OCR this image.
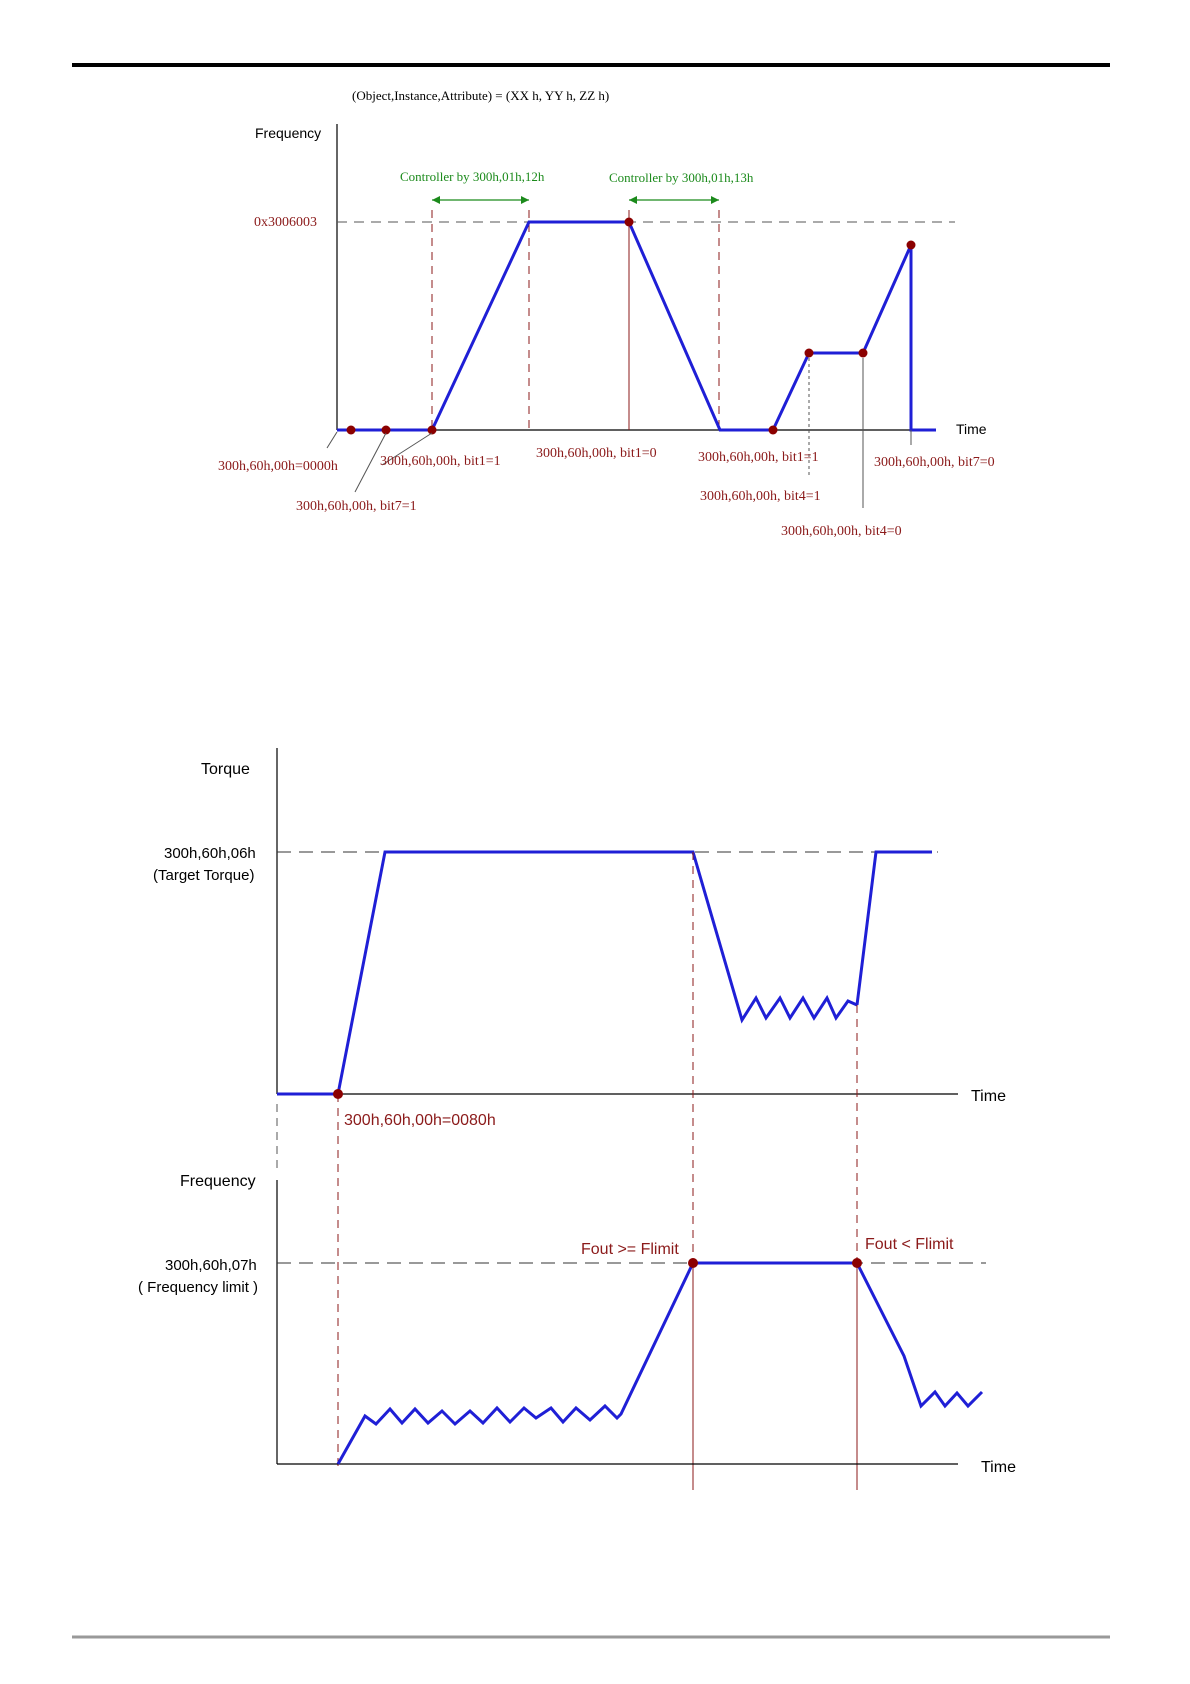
(Object,Instance,Attribute) = (XX h, YY h, ZZ h)
Frequency
Time
0x3006003
Controller by 300h,01h,12h	Controller by 300h,01h,13h
300h,60h,00h=0000h
300h,60h,00h, bit7=1
300h,60h,00h, bit1=1
300h,60h,00h, bit1=0	300h,60h,00h, bit1=1
300h,60h,00h, bit4=1
300h,60h,00h, bit4=0
300h,60h,00h, bit7=0
Torque
Time
300h,60h,06h
(Target Torque)
300h,60h,00h=0080h
Frequency
Time
300h,60h,07h
( Frequency limit )
Fout >= Flimit	Fout < Flimit
